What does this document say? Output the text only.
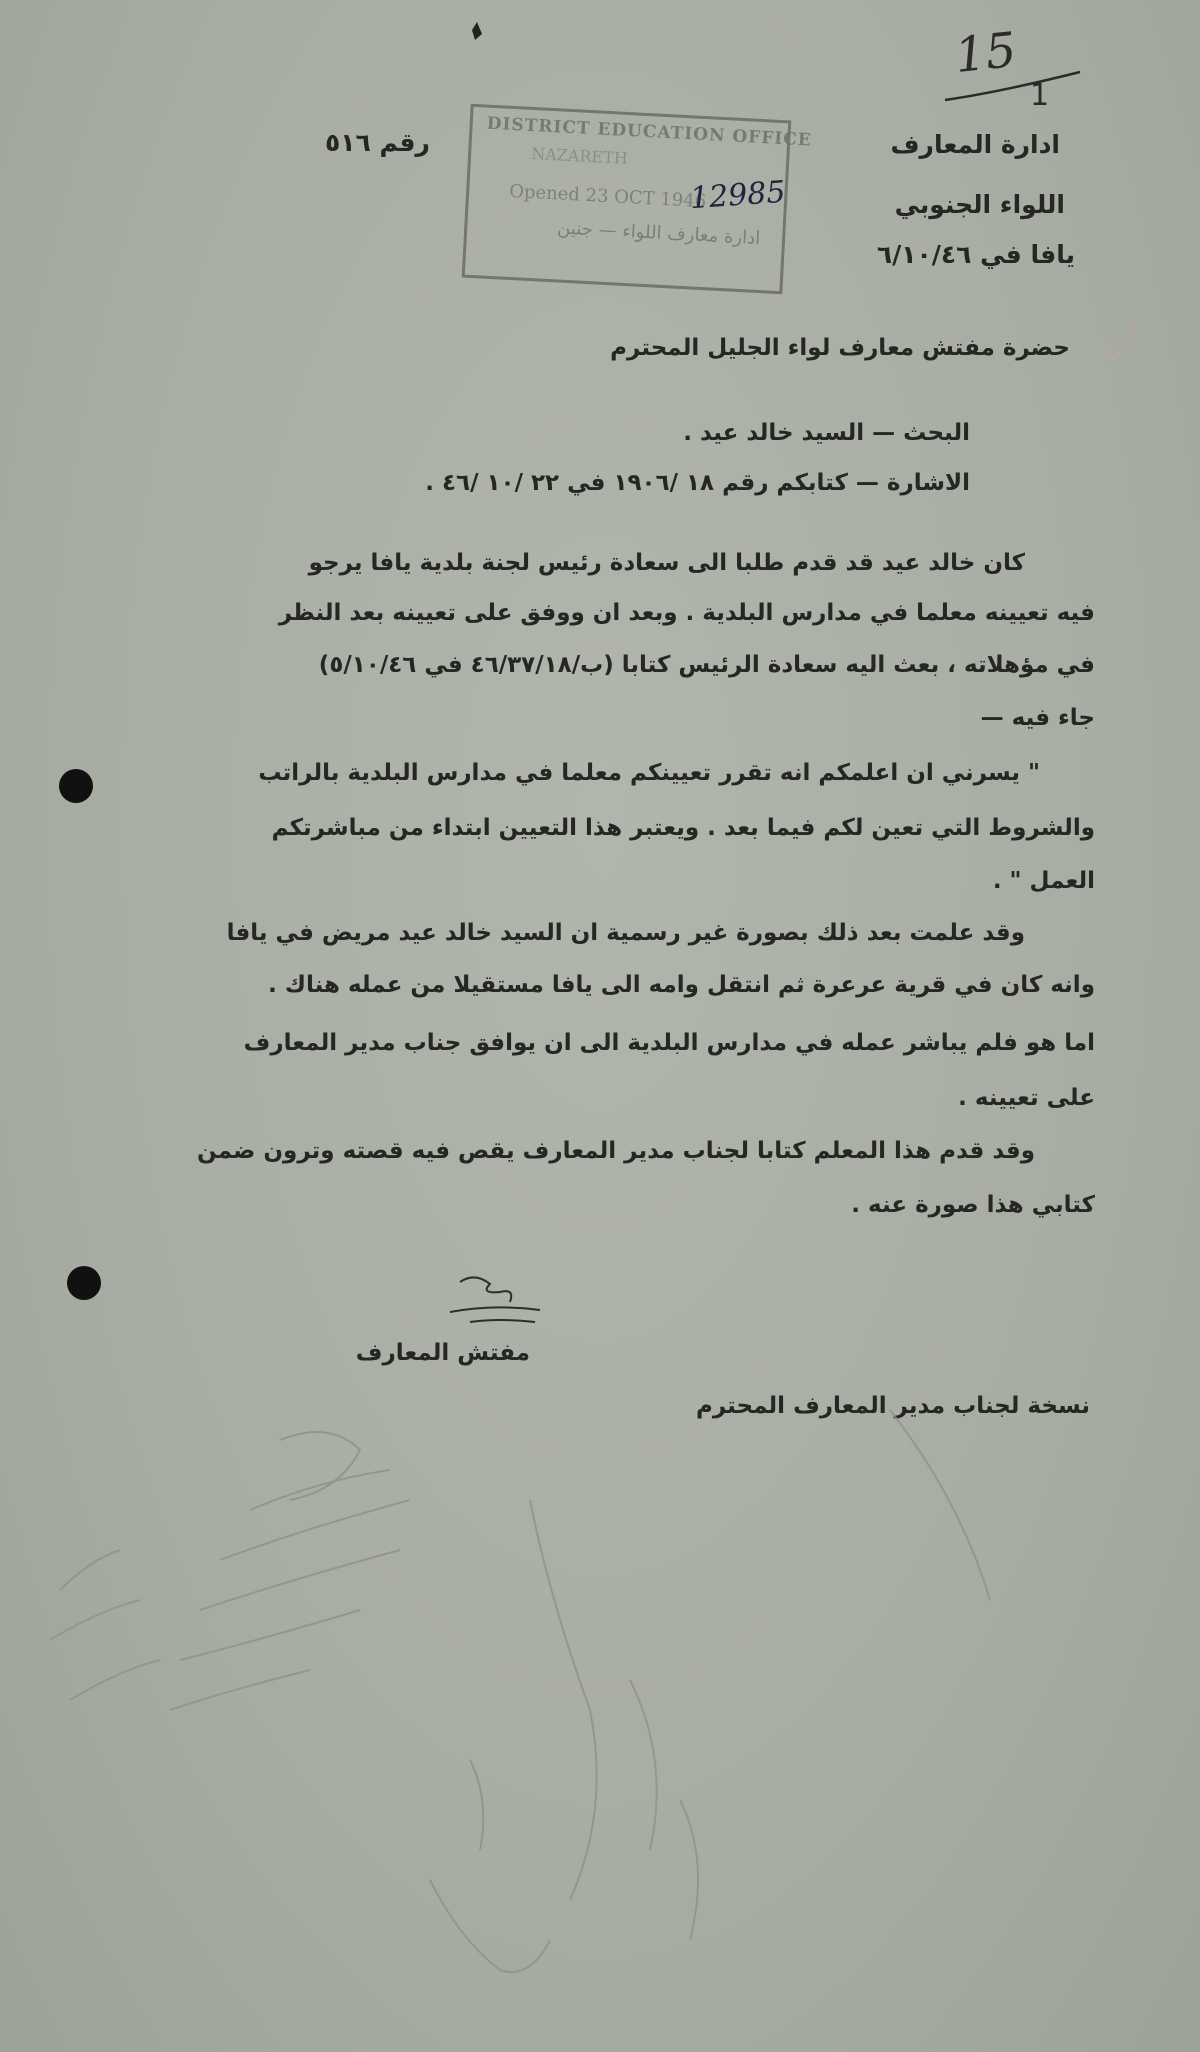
15
1
ادارة المعارف
اللواء الجنوبي
يافا في ٦/١٠/٤٦
رقم ٥١٦	DISTRICT EDUCATION OFFICE
NAZARETH
Opened 23 OCT 1946
ادارة معارف اللواء — جنين
12985
حضرة مفتش معارف لواء الجليل المحترم
البحث — السيد خالد عيد .
الاشارة — كتابكم رقم ١٨ /١٩٠٦ في ٢٢ /١٠ /٤٦ .
كان خالد عيد قد قدم طلبا الى سعادة رئيس لجنة بلدية يافا يرجو
فيه تعيينه معلما في مدارس البلدية . وبعد ان ووفق على تعيينه بعد النظر
في مؤهلاته ، بعث اليه سعادة الرئيس كتابا (ب/٤٦/٣٧/١٨ في ٥/١٠/٤٦)
جاء فيه —
" يسرني ان اعلمكم انه تقرر تعيينكم معلما في مدارس البلدية بالراتب
والشروط التي تعين لكم فيما بعد . ويعتبر هذا التعيين ابتداء من مباشرتكم
العمل " .
وقد علمت بعد ذلك بصورة غير رسمية ان السيد خالد عيد مريض في يافا
وانه كان في قرية عرعرة ثم انتقل وامه الى يافا مستقيلا من عمله هناك .
اما هو فلم يباشر عمله في مدارس البلدية الى ان يوافق جناب مدير المعارف
على تعيينه .
وقد قدم هذا المعلم كتابا لجناب مدير المعارف يقص فيه قصته وترون ضمن
كتابي هذا صورة عنه .
مفتش المعارف
نسخة لجناب مدير المعارف المحترم
